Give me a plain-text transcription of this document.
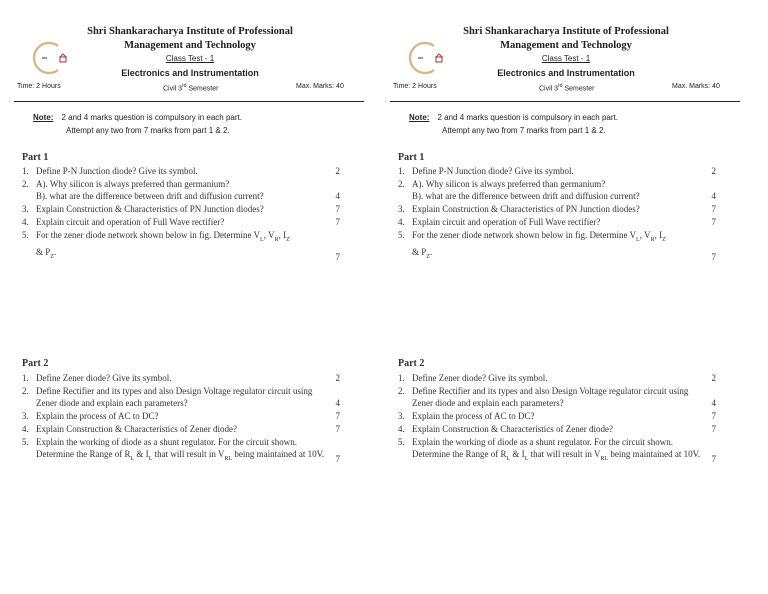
Shri Shankaracharya Institute of Professional
Management and Technology
Class Test - 1
Electronics and Instrumentation
Time: 2 Hours	Civil 3rd Semester	Max. Marks: 40
Note: 2 and 4 marks question is compulsory in each part.
Attempt any two from 7 marks from part 1 & 2.
Part 1
1. Define P-N Junction diode? Give its symbol.	2
2. A). Why silicon is always preferred than germanium?
B). what are the difference between drift and diffusion current?	4
3. Explain Construction & Characteristics of PN Junction diodes?	7
4. Explain circuit and operation of Full Wave rectifier?	7
5. For the zener diode network shown below in fig. Determine $V_L$, $V_R$, $I_Z$
& $P_Z$.	7
Part 2
1. Define Zener diode? Give its symbol.	2
2. Define Rectifier and its types and also Design Voltage regulator circuit using Zener diode and explain each parameters?	4
3. Explain the process of AC to DC?	7
4. Explain Construction & Characteristics of Zener diode?	7
5. Explain the working of diode as a shunt regulator. For the circuit shown. Determine the Range of $R_L$ & $I_L$ that will result in $V_{RL}$ being maintained at 10V. 7
Shri Shankaracharya Institute of Professional
Management and Technology
Class Test - 1
Electronics and Instrumentation
Time: 2 Hours	Civil 3rd Semester	Max. Marks: 40
Note: 2 and 4 marks question is compulsory in each part.
Attempt any two from 7 marks from part 1 & 2.
Part 1
1. Define P-N Junction diode? Give its symbol.	2
2. A). Why silicon is always preferred than germanium?
B). what are the difference between drift and diffusion current?	4
3. Explain Construction & Characteristics of PN Junction diodes?	7
4. Explain circuit and operation of Full Wave rectifier?	7
5. For the zener diode network shown below in fig. Determine $V_L$, $V_R$, $I_Z$
& $P_Z$.	7
Part 2
1. Define Zener diode? Give its symbol.	2
2. Define Rectifier and its types and also Design Voltage regulator circuit using Zener diode and explain each parameters?	4
3. Explain the process of AC to DC?	7
4. Explain Construction & Characteristics of Zener diode?	7
5. Explain the working of diode as a shunt regulator. For the circuit shown. Determine the Range of $R_L$ & $I_L$ that will result in $V_{RL}$ being maintained at 10V. 7
